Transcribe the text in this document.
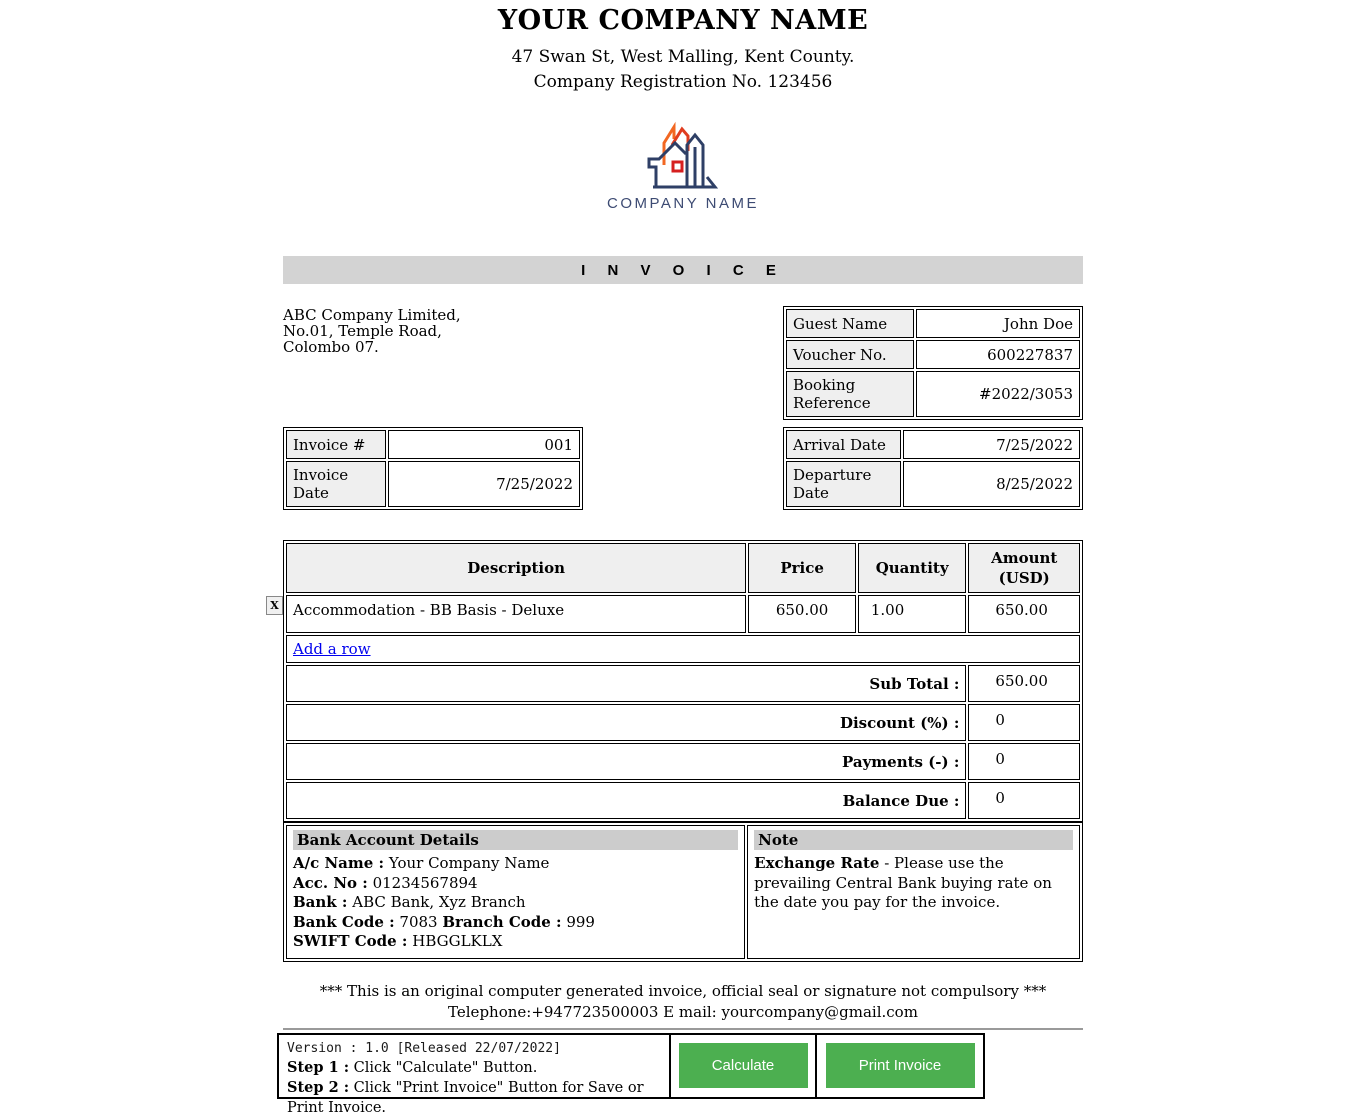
YOUR COMPANY NAME
47 Swan St, West Malling, Kent County.
Company Registration No. 123456
COMPANY NAME
I N V O I C E
ABC Company Limited,
No.01, Temple Road,
Colombo 07.
Guest Name	John Doe
Voucher No.	600227837
Booking Reference	#2022/3053
Invoice #	001
Invoice Date	7/25/2022
Arrival Date	7/25/2022
Departure Date	8/25/2022
X
Description	Price	Quantity	Amount (USD)
Accommodation - BB Basis - Deluxe	650.00	1.00	650.00
Add a row			
Sub Total :			650.00
Discount (%) :			0
Payments (-) :			0
Balance Due :			0
Bank Account Details
A/c Name : Your Company Name
Acc. No : 01234567894
Bank : ABC Bank, Xyz Branch
Bank Code : 7083 Branch Code : 999
SWIFT Code : HBGGLKLX

Note
Exchange Rate - Please use the prevailing Central Bank buying rate on the date you pay for the invoice.
*** This is an original computer generated invoice, official seal or signature not compulsory ***
Telephone:+947723500003 E mail: yourcompany@gmail.com
Version : 1.0 [Released 22/07/2022]
Step 1 : Click "Calculate" Button.
Step 2 : Click "Print Invoice" Button for Save or Print Invoice.
Calculate	Print Invoice
